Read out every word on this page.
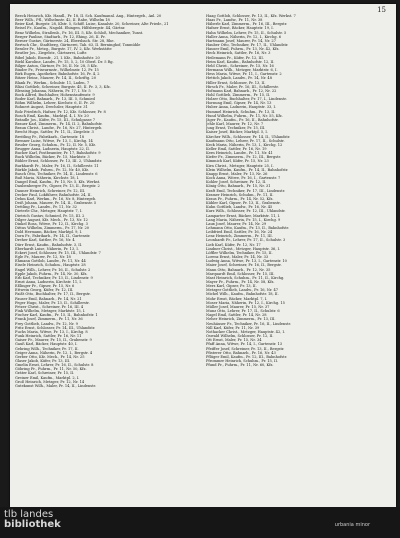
15

Beeck Heinrich, Kfz. Handl., Pr. 18, II. Sch. Kaufmannl. Ang., Hintergeb., Anl. 20

Beer Wilh., Pfl., Wilhelmstr. 42, II. Rabe, Wilhelm 18

Beier Karl, Burgstr. 28, Klstr. 5, Schiff. Luise, Kanalstr. 20, Schreiner, Alte Friedr., 21

Beisel Fr., Kaufm., Nagold. Ehingen, Hilfsbergstr. 44, Gärtnr.

Benz Wilhelm, Straßenb., Pr. 16, III. 5, Kfz. Schloß, Mechaniker, Tunst.

Berger Pauline, Stadtarb., Pr. 12, Ehing. 26, II. Pr.

Berner Gustav, Gärtnerstr. 24, Ebersbach. Str. 28, Rhe.

Bertsch Chr., Stadtberg, Gärtnerei, Tab. 63, II. Berninghof, Tonmühle

Bessler Fr., Metzg., Burgstr. 17, IV. 2, Kfz. Werkstätte

Beutler Jos., Ziegelstr., Gärtnerei, Luftr.

Bibel Jakob, Eisenfr., 21, I. Kfz., Bahnhofstr. 20

Biehl Karoline, Landw., Pr. 15, 5, 2, 10 Oberl. Dr. 5 Rg.

Bilger Anton, Gärtner, Pr. 16, II. Nr. 28, 5 Kfz.

Binder Fr., Friseurmstr., Wilhelmstr. 12, Pr. 15

Birk Eugen, Apotheker, Bahnhofstr. 16, Pr. 4, 2

Bitzer Heinr., Maurer, Pr. 14, II., Schriftg. 20

Blank Fr., Werkm., Schulstr. 11, Laden, 7

Bläsi Gottlieb, Schreiner, Burgstr. 45, II. Pr. 3, 3, Kfz.

Blessing Johanna, Näherin, Pr. 17, I. Nr. 5

Bock Alfred, Buchhalter, Hohenstaufenstr. 9

Boder Karl, Bahnarb., Pr. 13, III. 5, Schmied

Böhm Wilhelm, Lehrer, Kirchstr. 6, II. Pr. 20

Bohnert August, Drechsler, Hauptstr. 31

Bolz Friedrich, Hafner, Pr. 12, Kfz. Schlosser, Pr. 8

Bosch Emil, Kaufm., Marktpl. 4, I. Nr. 20

Brändle Jos., Küfer, Pr. 15, III., Schulgasse 7

Brauer Karl, Zimmerm., Pr. 14, II. 2, Bahnhofstr.

Braun Christ., Landw., Pr. 16, Nr. 27, Hintergeb.

Brecht Hugo, Sattler, Pr. 11, II., Ziegelstr. 3

Breitling Fr., Fabrikarb., Gartenstr. 18

Brenner Luise, Witwe, Pr. 13, I., Kirchg. 14

Bruder Georg, Schuhm., Pr. 12, II. Nr. 5, Kfz.

Brugger Anna, Ladnerin, Hauptstr. 22, II.

Bucher Karl, Postbeamter, Pr. 17, Bahnhofstr. 9

Buck Wilhelm, Bäcker, Pr. 15, Marktstr. 3

Bühler Ernst, Schlosser, Pr. 13, III. 2, Uhlandstr.

Burkhardt Fr., Maler, Pr. 16, II., Schillerstr. 11

Bürkle Jakob, Fuhrm., Pr. 12, Nr. 40, Kfz.

Busch Otto, Techniker, Pr. 14, II., Lindenstr. 6

Buß Maria, Näherin, Kirchstr. 18, I.

Dangel Emil, Kaufm., Pr. 15, Nr. 5, Kfz. Werkst.

Daubenberger Fr., Gipser, Pr. 13, II., Bergstr. 2

Dauner Heinrich, Schreiner, Pr. 12, III.

Decker Paul, Lokführer, Bahnhofstr. 24, II.

Dehm Karl, Werkm., Pr. 16, Nr. 8, Hintergeb.

Deiß Johann, Maurer, Pr. 14, II., Grabenstr. 5

Dettling Fr., Landw., Pr. 11, Nr. 32

Dieterle Chr., Metzger, Hauptstr. 7, I.

Dietrich Gustav, Schmied, Pr. 15, III. 2

Dilger August, Kfz. Mech., Pr. 13, Nr. 12

Dinkel Rosa, Witwe, Pr. 12, II., Kirchg. 3

Dittus Wilhelm, Zimmerm., Pr. 17, Nr. 20

Dold Hermann, Bäcker, Marktpl. 9, I.

Dorn Fr., Fabrikarb., Pr. 14, II., Gartenstr.

Dreher Karl, Sattler, Pr. 16, Nr. 4

Dürr Ernst, Kaufm., Bahnhofstr. 3, II.

Eberhardt Luise, Näherin, Pr. 13, I.

Eckert Josef, Schlosser, Pr. 15, III., Uhlandstr. 7

Egle Fr., Maurer, Pr. 12, Nr. 18

Ehmann Gottlob, Landw., Pr. 11, Nr. 44

Eisele Heinrich, Schuhm., Hauptstr. 28

Engel Wilh., Lehrer, Pr. 16, II., Schulstr. 2

Epple Jakob, Fuhrm., Pr. 14, Nr. 30, Kfz.

Erb Karl, Techniker, Pr. 13, II., Lindenstr. 9

Ernst Anna, Ladnerin, Kirchstr. 11, I.

Eßlinger Fr., Gipser, Pr. 15, Nr. 6

Ettwein Georg, Küfer, Pr. 12, III.

Faißt Otto, Buchhalter, Pr. 17, II., Bergstr.

Fauser Emil, Bahnarb., Pr. 14, Nr. 21

Feger Hugo, Maler, Pr. 13, II., Schillerstr.

Fetzer Christ., Schreiner, Pr. 16, III. 4

Fink Wilhelm, Metzger, Marktstr. 15, I.

Fischer Karl, Kaufm., Pr. 15, II., Bahnhofstr. 1

Frank Josef, Zimmerm., Pr. 11, Nr. 36

Frey Gottlieb, Landw., Pr. 12, Nr. 9

Fritz Ernst, Schlosser, Pr. 14, III., Uhlandstr.

Fuchs Maria, Witwe, Pr. 13, I., Kirchg. 8

Funk Heinrich, Sattler, Pr. 16, Nr. 11

Gaiser Fr., Maurer, Pr. 15, II., Grabenstr. 9

Gauß Karl, Bäcker, Hauptstr. 40, I.

Gehring Wilh., Techniker, Pr. 17, II.

Geiger Anna, Näherin, Pr. 12, I., Bergstr. 4

Gerber Otto, Kfz. Mech., Pr. 14, Nr. 25

Glaser Jakob, Küfer, Pr. 13, III.

Gmelin Ernst, Lehrer, Pr. 16, II., Schulstr. 8

Göhring Fr., Fuhrm., Pr. 11, Nr. 50, Kfz.

Gräter Karl, Schreiner, Pr. 15, II.

Greiner Emil, Kaufm., Marktpl. 2, I.

Groß Heinrich, Metzger, Pr. 12, Nr. 14

Gutekunst Wilh., Maler, Pr. 14, II., Lindenstr.

Haag Gottlob, Schlosser, Pr. 13, II., Kfz. Werkst. 7

Haas Fr., Landw., Pr. 11, Nr. 38

Häberle Karl, Zimmerm., Pr. 16, III., Bergstr.

Hafner Ernst, Bäcker, Hauptstr. 19, I.

Hahn Wilhelm, Lehrer, Pr. 15, II., Schulstr. 5

Haller Anna, Näherin, Pr. 12, I., Kirchg. 6

Hartmann Josef, Maurer, Pr. 14, Nr. 27

Hauber Otto, Techniker, Pr. 17, II., Uhlandstr.

Hauser Emil, Fuhrm., Pr. 13, Nr. 42, Kfz.

Heck Heinrich, Sattler, Pr. 16, Nr. 3

Heilemann Fr., Küfer, Pr. 12, III.

Heim Karl, Kaufm., Bahnhofstr. 12, II.

Held Christ., Schreiner, Pr. 15, Nr. 16

Hermann Wilh., Metzger, Marktstr. 6, I.

Hess Maria, Witwe, Pr. 11, I., Gartenstr. 2

Hettich Jakob, Landw., Pr. 14, Nr. 48

Hiller Ernst, Schlosser, Pr. 13, II.

Hirsch Fr., Maler, Pr. 16, III., Schillerstr.

Hofmann Karl, Bahnarb., Pr. 12, Nr. 22

Hohl Gottlieb, Zimmerm., Pr. 15, II.

Holzer Otto, Buchhalter, Pr. 17, I., Lindenstr.

Hornung Emil, Gipser, Pr. 14, Nr. 13

Huber Anna, Ladnerin, Hauptstr. 33, I.

Hummel Heinrich, Schuhm., Pr. 13, II.

Hund Wilhelm, Fuhrm., Pr. 11, Nr. 55, Kfz.

Jäger Fr., Kaufm., Pr. 16, II., Bahnhofstr.

Jehle Karl, Maurer, Pr. 12, Nr. 7

Jung Ernst, Techniker, Pr. 15, III.

Kaiser Josef, Bäcker, Marktpl. 5, I.

Kärcher Wilh., Schlosser, Pr. 14, II., Uhlandstr.

Kaufmann Otto, Lehrer, Pr. 17, II., Schulstr.

Keck Maria, Näherin, Pr. 13, I., Kirchg. 12

Keller Emil, Sattler, Pr. 16, Nr. 19

Kern Heinrich, Landw., Pr. 11, Nr. 41

Kiefer Fr., Zimmerm., Pr. 12, III., Bergstr.

Kimmich Karl, Küfer, Pr. 15, Nr. 23

Kirn Christ., Metzger, Hauptstr. 25, I.

Klein Wilhelm, Kaufm., Pr. 14, II., Bahnhofstr.

Knapp Ernst, Maler, Pr. 13, Nr. 26

Koch Anna, Witwe, Pr. 16, I., Gartenstr. 7

Kohler Josef, Schreiner, Pr. 12, II.

König Otto, Bahnarb., Pr. 15, Nr. 31

Kraft Emil, Techniker, Pr. 17, III., Lindenstr.

Kramer Heinrich, Schuhm., Pr. 11, II.

Kraus Fr., Fuhrm., Pr. 14, Nr. 52, Kfz.

Kübler Karl, Gipser, Pr. 13, II., Grabenstr.

Kuhn Gottlieb, Landw., Pr. 16, Nr. 45

Kurz Wilh., Schlosser, Pr. 12, III., Uhlandstr.

Lamparter Ernst, Bäcker, Marktstr. 11, I.

Lang Maria, Näherin, Pr. 15, I., Kirchg. 9

Laux Josef, Maurer, Pr. 14, Nr. 29

Lehmann Otto, Kaufm., Pr. 13, II., Bahnhofstr.

Leibfried Emil, Sattler, Pr. 16, Nr. 24

Lenz Heinrich, Zimmerm., Pr. 11, III.

Leonhardt Fr., Lehrer, Pr. 17, II., Schulstr. 3

Lieb Karl, Küfer, Pr. 12, Nr. 17

Lindner Christ., Metzger, Hauptstr. 36, I.

Löffler Wilhelm, Techniker, Pr. 15, II.

Lorenz Ernst, Maler, Pr. 14, Nr. 33

Ludwig Anna, Witwe, Pr. 13, I., Gartenstr. 10

Maier Josef, Schreiner, Pr. 16, II., Bergstr.

Mann Otto, Bahnarb., Pr. 12, Nr. 35

Marquardt Emil, Schlosser, Pr. 15, III.

Mast Heinrich, Schuhm., Pr. 11, II., Kirchg.

Mayer Fr., Fuhrm., Pr. 14, Nr. 58, Kfz.

Merz Karl, Gipser, Pr. 13, II.

Metzger Gottlieb, Landw., Pr. 16, Nr. 47

Michel Wilh., Kaufm., Bahnhofstr. 18, II.

Mohr Ernst, Bäcker, Marktpl. 7, I.

Moser Maria, Näherin, Pr. 12, I., Kirchg. 15

Müller Josef, Maurer, Pr. 15, Nr. 37

Munz Otto, Lehrer, Pr. 17, II., Schulstr. 6

Nagel Emil, Sattler, Pr. 14, Nr. 28

Neher Heinrich, Zimmerm., Pr. 13, III.

Neuhäuser Fr., Techniker, Pr. 16, II., Lindenstr.

Nill Karl, Küfer, Pr. 11, Nr. 39

Nothacker Christ., Metzger, Hauptstr. 42, I.

Oswald Wilhelm, Schlosser, Pr. 12, II.

Ott Ernst, Maler, Pr. 15, Nr. 34

Pfaff Anna, Witwe, Pr. 14, I., Gartenstr. 13

Pfeiffer Josef, Schreiner, Pr. 13, II., Bergstr.

Pfisterer Otto, Bahnarb., Pr. 16, Nr. 43

Pflüger Emil, Kaufm., Pr. 12, III., Bahnhofstr.

Pfrommer Heinrich, Schuhm., Pr. 15, II.

Pfund Fr., Fuhrm., Pr. 11, Nr. 60, Kfz.

tlb landes
bibliothek	urbania minor
